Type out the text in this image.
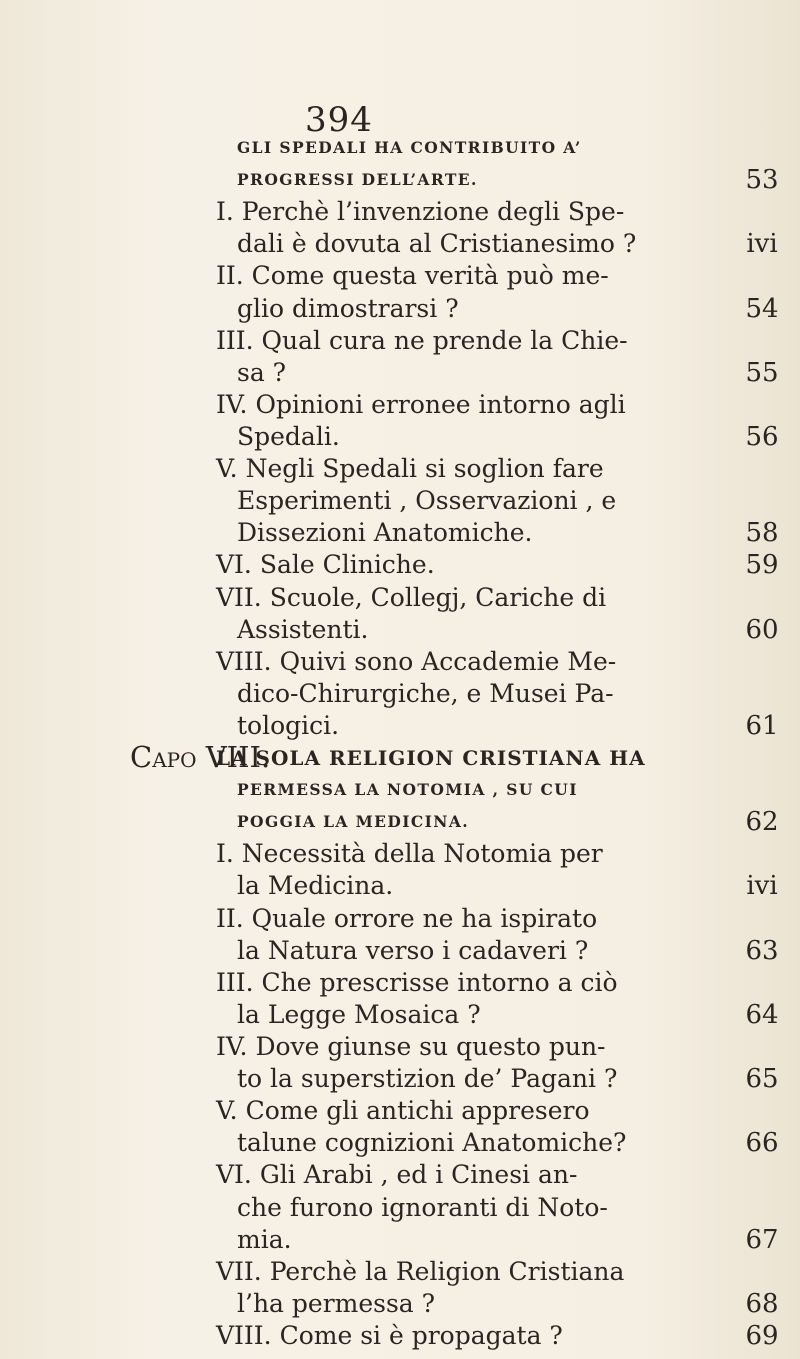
394
Capo VIII.
GLI SPEDALI HA CONTRIBUITO A’
PROGRESSI DELL’ARTE.	53
I. Perchè l’invenzione degli Spe-
dali è dovuta al Cristianesimo ?	ivi
II. Come questa verità può me-
glio dimostrarsi ?	54
III. Qual cura ne prende la Chie-
sa ?	55
IV. Opinioni erronee intorno agli
Spedali.	56
V. Negli Spedali si soglion fare
Esperimenti , Osservazioni , e
Dissezioni Anatomiche.	58
VI. Sale Cliniche.	59
VII. Scuole, Collegj, Cariche di
Assistenti.	60
VIII. Quivi sono Accademie Me-
dico-Chirurgiche, e Musei Pa-
tologici.	61
LA SOLA RELIGION CRISTIANA HA
PERMESSA LA NOTOMIA , SU CUI
POGGIA LA MEDICINA.	62
I. Necessità della Notomia per
la Medicina.	ivi
II. Quale orrore ne ha ispirato
la Natura verso i cadaveri ?	63
III. Che prescrisse intorno a ciò
la Legge Mosaica ?	64
IV. Dove giunse su questo pun-
to la superstizion de’ Pagani ?	65
V. Come gli antichi appresero
talune cognizioni Anatomiche?	66
VI. Gli Arabi , ed i Cinesi an-
che furono ignoranti di Noto-
mia.	67
VII. Perchè la Religion Cristiana
l’ha permessa ?	68
VIII. Come si è propagata ?	69
